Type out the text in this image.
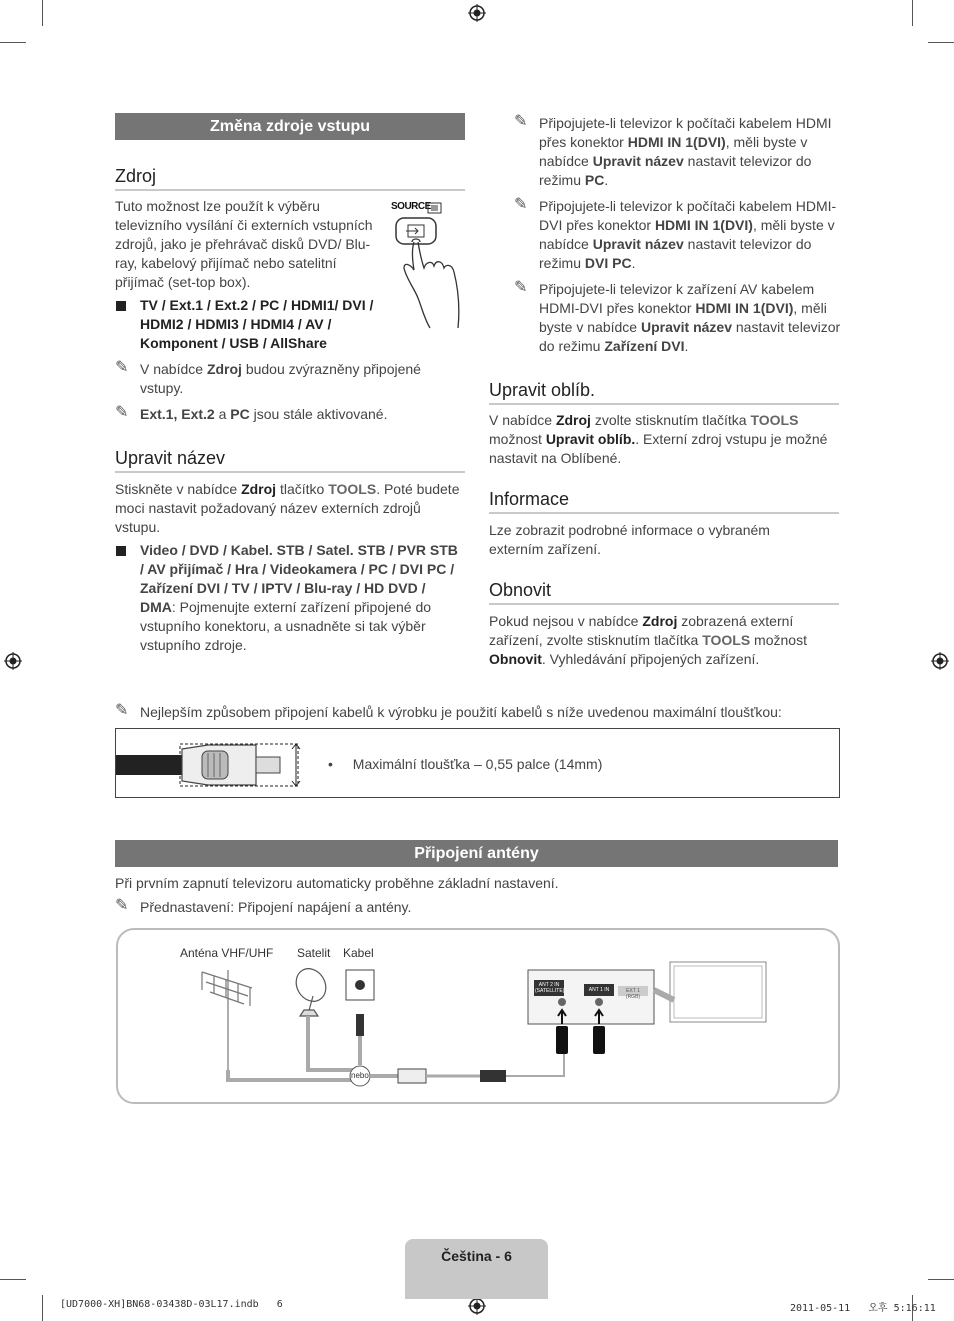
Změna zdroje vstupu
Zdroj
Tuto možnost lze použít k výběru televizního vysílání či externích vstupních zdrojů, jako je přehrávač disků DVD/ Blu-ray, kabelový přijímač nebo satelitní přijímač (set-top box).
SOURCE
TV / Ext.1 / Ext.2 / PC / HDMI1/ DVI / HDMI2 / HDMI3 / HDMI4 / AV / Komponent / USB / AllShare
✎ V nabídce Zdroj budou zvýrazněny připojené vstupy.
✎ Ext.1, Ext.2 a PC jsou stále aktivované.
Upravit název
Stiskněte v nabídce Zdroj tlačítko TOOLS. Poté budete moci nastavit požadovaný název externích zdrojů vstupu.
Video / DVD / Kabel. STB / Satel. STB / PVR STB / AV přijímač / Hra / Videokamera / PC / DVI PC / Zařízení DVI / TV / IPTV / Blu-ray / HD DVD / DMA: Pojmenujte externí zařízení připojené do vstupního konektoru, a usnadněte si tak výběr vstupního zdroje.
✎ Připojujete-li televizor k počítači kabelem HDMI přes konektor HDMI IN 1(DVI), měli byste v nabídce Upravit název nastavit televizor do režimu PC.
✎ Připojujete-li televizor k počítači kabelem HDMI-DVI přes konektor HDMI IN 1(DVI), měli byste v nabídce Upravit název nastavit televizor do režimu DVI PC.
✎ Připojujete-li televizor k zařízení AV kabelem HDMI-DVI přes konektor HDMI IN 1(DVI), měli byste v nabídce Upravit název nastavit televizor do režimu Zařízení DVI.
Upravit oblíb.
V nabídce Zdroj zvolte stisknutím tlačítka TOOLS možnost Upravit oblíb.. Externí zdroj vstupu je možné nastavit na Oblíbené.
Informace
Lze zobrazit podrobné informace o vybraném externím zařízení.
Obnovit
Pokud nejsou v nabídce Zdroj zobrazená externí zařízení, zvolte stisknutím tlačítka TOOLS možnost Obnovit. Vyhledávání připojených zařízení.
✎ Nejlepším způsobem připojení kabelů k výrobku je použití kabelů s níže uvedenou maximální tloušťkou:
• Maximální tloušťka – 0,55 palce (14mm)
Připojení antény
Při prvním zapnutí televizoru automaticky proběhne základní nastavení.
✎ Přednastavení: Připojení napájení a antény.
Anténa VHF/UHF Satelit Kabel
nebo
ANT 2 IN (SATELLITE)	ANT 1 IN	EXT 1 (RGB)
Čeština - 6
[UD7000-XH]BN68-03438D-03L17.indb   6	2011-05-11   오후 5:16:11
